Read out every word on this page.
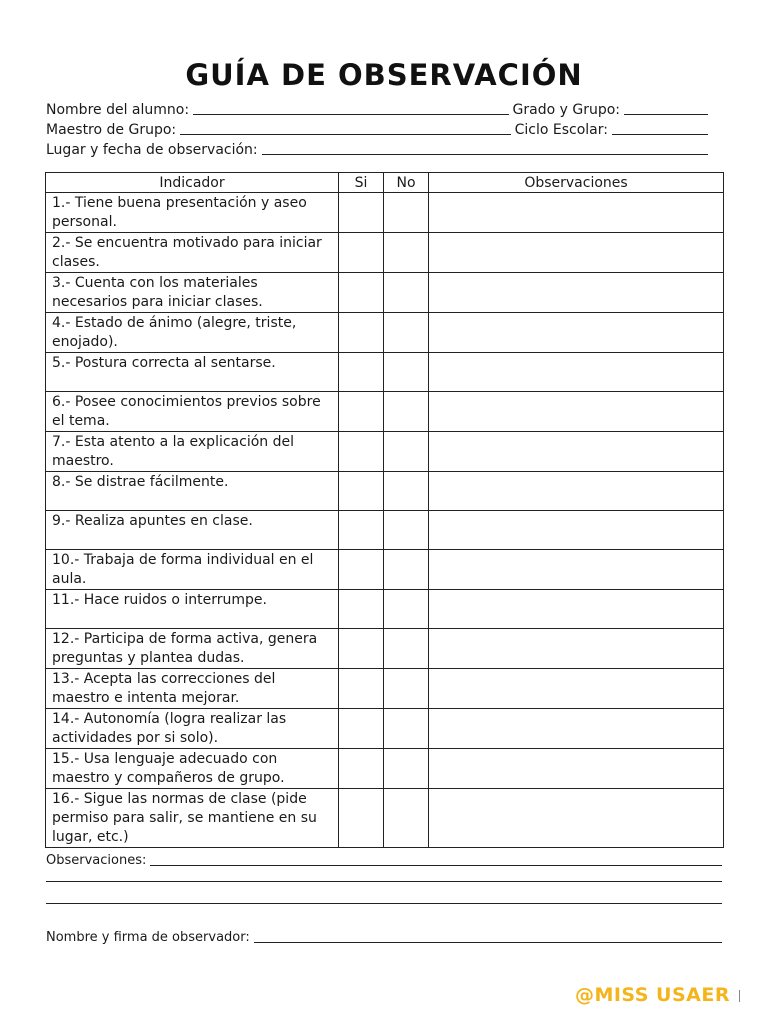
GUÍA DE OBSERVACIÓN
Nombre del alumno:	Grado y Grupo:
Maestro de Grupo:	Ciclo Escolar:
Lugar y fecha de observación:
Indicador	Si	No	Observaciones
1.- Tiene buena presentación y aseo personal.			
2.- Se encuentra motivado para iniciar clases.			
3.- Cuenta con los materiales necesarios para iniciar clases.			
4.- Estado de ánimo (alegre, triste, enojado).			
5.- Postura correcta al sentarse.			
6.- Posee conocimientos previos sobre el tema.			
7.- Esta atento a la explicación del maestro.			
8.- Se distrae fácilmente.			
9.- Realiza apuntes en clase.			
10.- Trabaja de forma individual en el aula.			
11.- Hace ruidos o interrumpe.			
12.- Participa de forma activa, genera preguntas y plantea dudas.			
13.- Acepta las correcciones del maestro e intenta mejorar.			
14.- Autonomía (logra realizar las actividades por si solo).			
15.- Usa lenguaje adecuado con maestro y compañeros de grupo.			
16.- Sigue las normas de clase (pide permiso para salir, se mantiene en su lugar, etc.)			
Observaciones:
Nombre y firma de observador:
@MISS USAER
